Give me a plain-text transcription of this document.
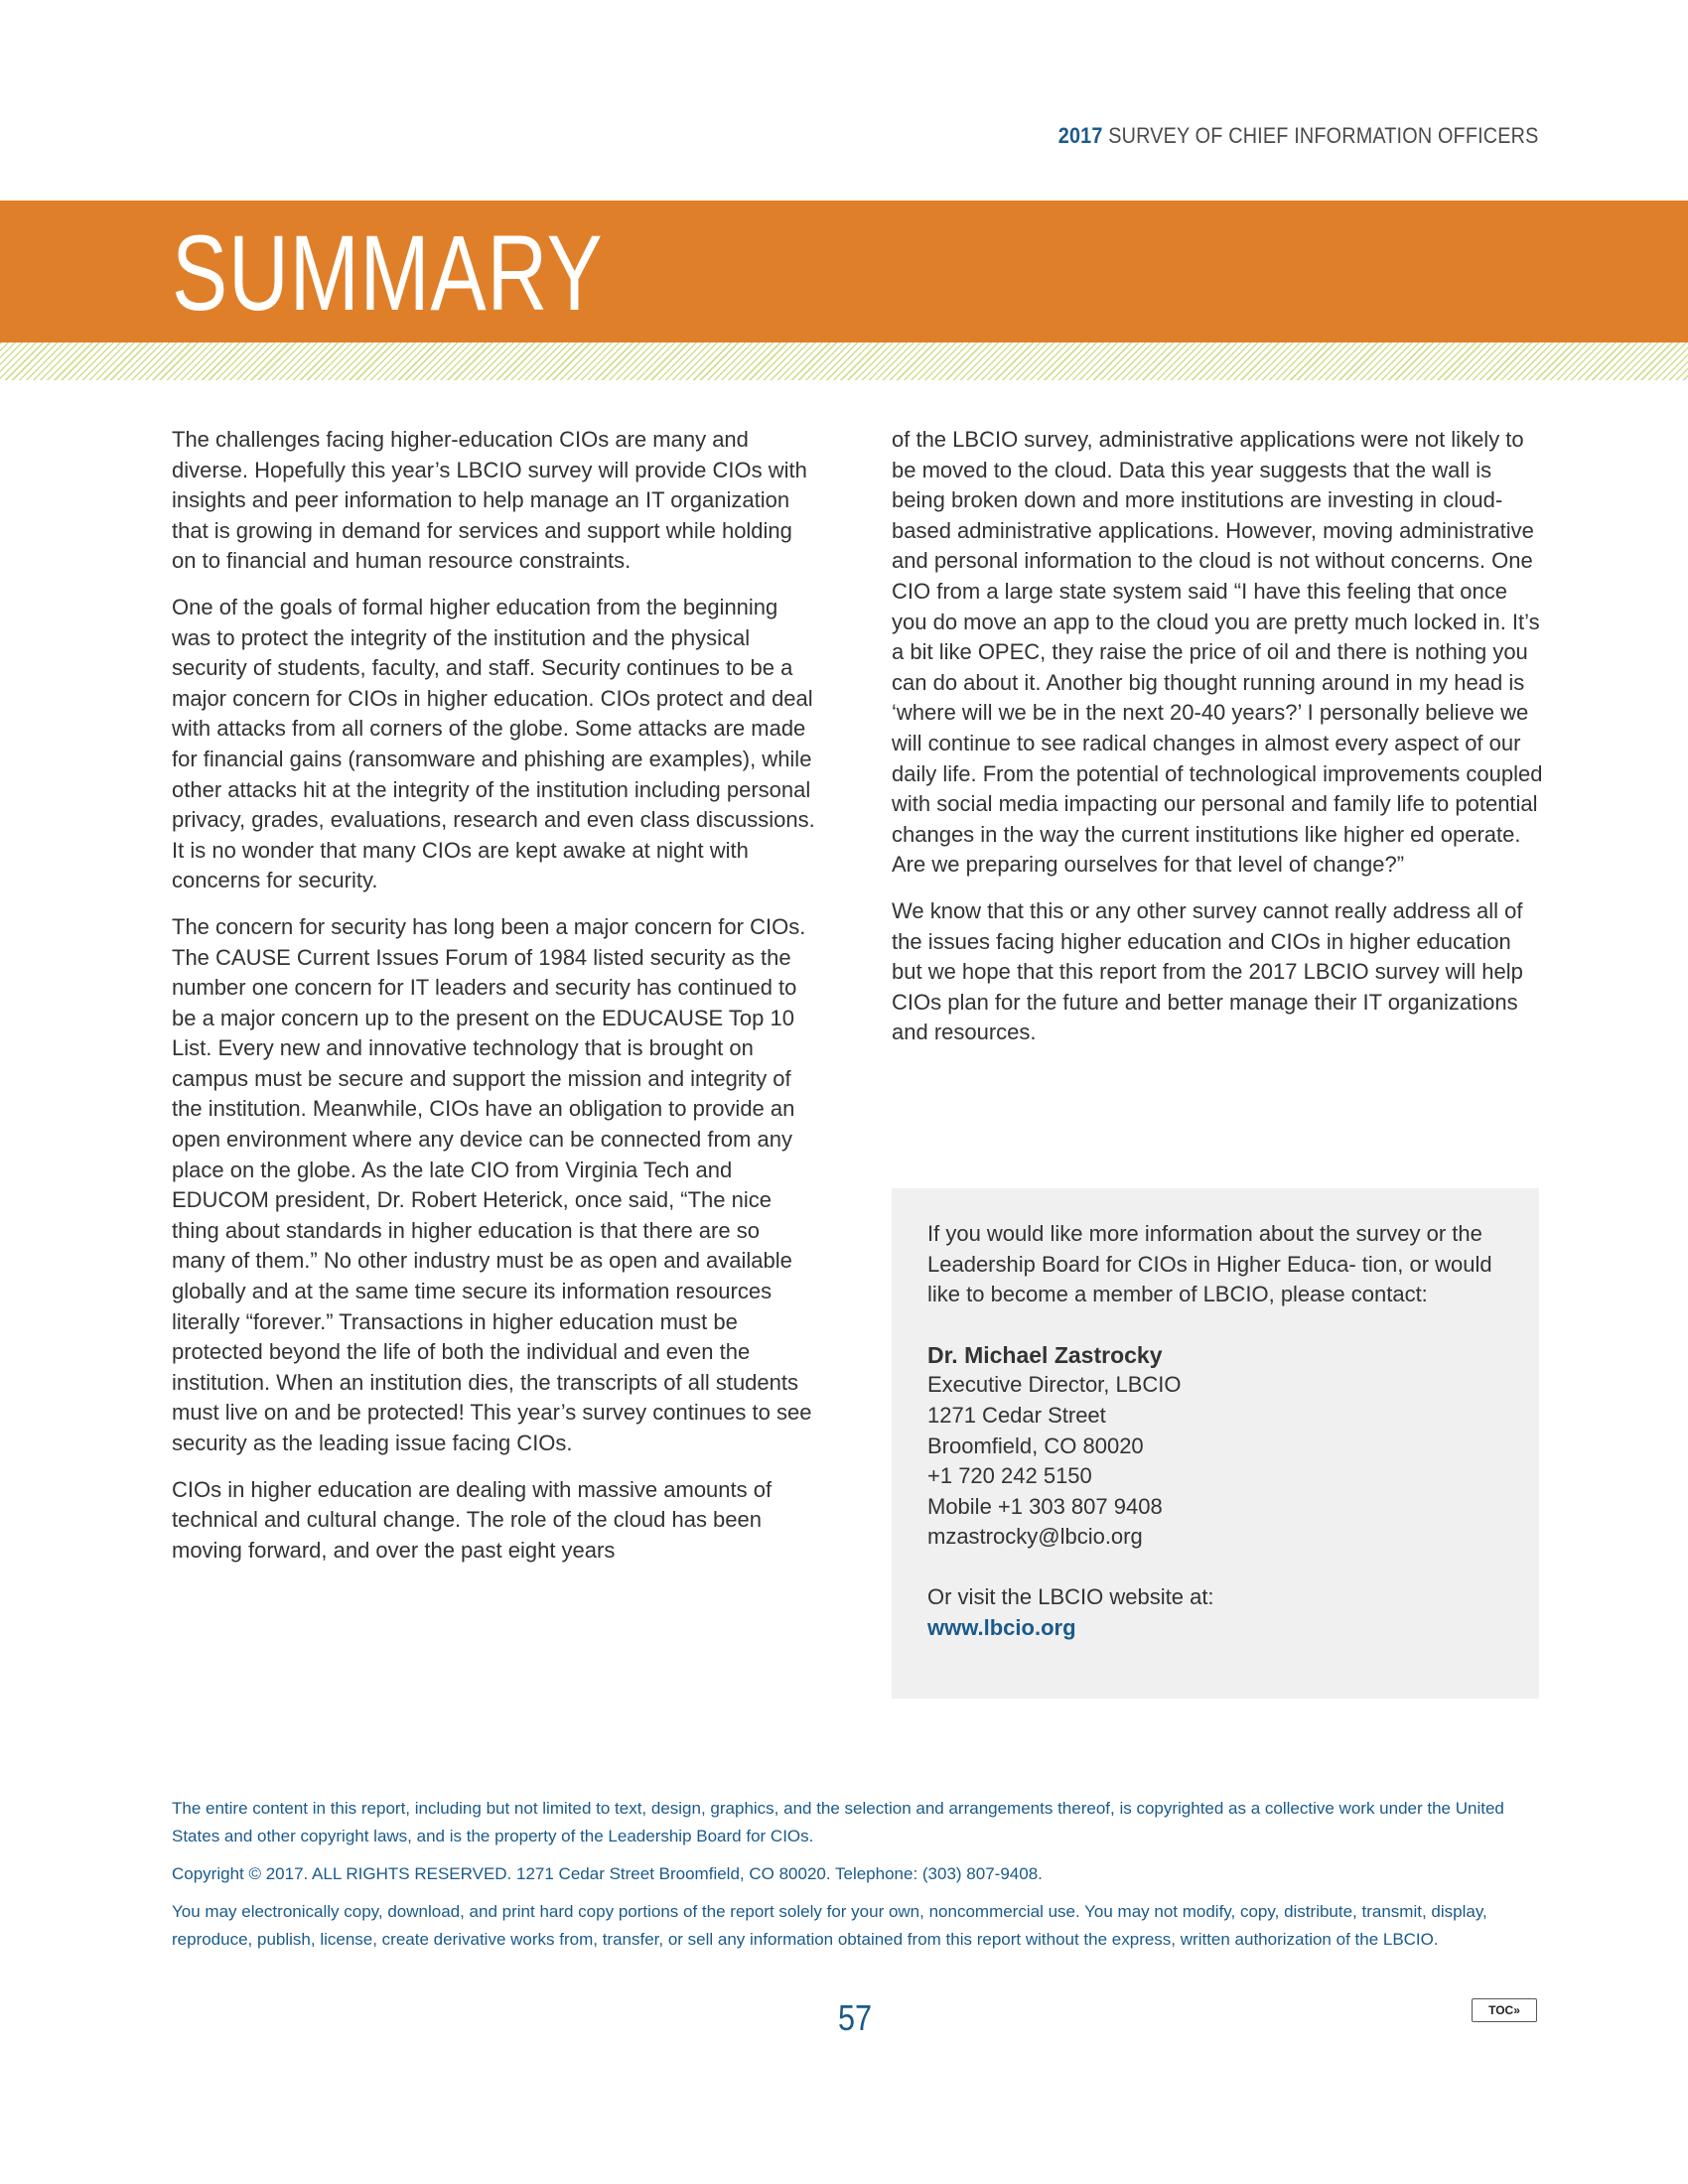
2017 SURVEY OF CHIEF INFORMATION OFFICERS
SUMMARY

The challenges facing higher-education CIOs are many and diverse. Hopefully this year’s LBCIO survey will provide CIOs with insights and peer information to help manage an IT organization that is growing in demand for services and support while holding on to financial and human resource constraints.

One of the goals of formal higher education from the beginning was to protect the integrity of the institution and the physical security of students, faculty, and staff. Security continues to be a major concern for CIOs in higher education. CIOs protect and deal with attacks from all corners of the globe. Some attacks are made for financial gains (ransomware and phishing are examples), while other attacks hit at the integrity of the institution including personal privacy, grades, evaluations, research and even class discussions. It is no wonder that many CIOs are kept awake at night with concerns for security.

The concern for security has long been a major concern for CIOs. The CAUSE Current Issues Forum of 1984 listed security as the number one concern for IT leaders and security has continued to be a major concern up to the present on the EDUCAUSE Top 10 List. Every new and innovative technology that is brought on campus must be secure and support the mission and integrity of the institution. Meanwhile, CIOs have an obligation to provide an open environment where any device can be connected from any place on the globe. As the late CIO from Virginia Tech and EDUCOM president, Dr. Robert Heterick, once said, “The nice thing about standards in higher education is that there are so many of them.” No other industry must be as open and available globally and at the same time secure its information resources literally “forever.” Transactions in higher education must be protected beyond the life of both the individual and even the institution. When an institution dies, the transcripts of all students must live on and be protected! This year’s survey continues to see security as the leading issue facing CIOs.

CIOs in higher education are dealing with massive amounts of technical and cultural change. The role of the cloud has been moving forward, and over the past eight years

of the LBCIO survey, administrative applications were not likely to be moved to the cloud. Data this year suggests that the wall is being broken down and more institutions are investing in cloud-based administrative applications. However, moving administrative and personal information to the cloud is not without concerns. One CIO from a large state system said “I have this feeling that once you do move an app to the cloud you are pretty much locked in. It’s a bit like OPEC, they raise the price of oil and there is nothing you can do about it. Another big thought running around in my head is ‘where will we be in the next 20-40 years?’ I personally believe we will continue to see radical changes in almost every aspect of our daily life. From the potential of technological improvements coupled with social media impacting our personal and family life to potential changes in the way the current institutions like higher ed operate. Are we preparing ourselves for that level of change?”

We know that this or any other survey cannot really address all of the issues facing higher education and CIOs in higher education but we hope that this report from the 2017 LBCIO survey will help CIOs plan for the future and better manage their IT organizations and resources.

If you would like more information about the survey or the Leadership Board for CIOs in Higher Educa- tion, or would like to become a member of LBCIO, please contact:

Dr. Michael Zastrocky

Executive Director, LBCIO

1271 Cedar Street

Broomfield, CO 80020

+1 720 242 5150

Mobile +1 303 807 9408

mzastrocky@lbcio.org

Or visit the LBCIO website at:

www.lbcio.org

The entire content in this report, including but not limited to text, design, graphics, and the selection and arrangements thereof, is copyrighted as a collective work under the United States and other copyright laws, and is the property of the Leadership Board for CIOs.

Copyright © 2017. ALL RIGHTS RESERVED. 1271 Cedar Street Broomfield, CO 80020. Telephone: (303) 807-9408.

You may electronically copy, download, and print hard copy portions of the report solely for your own, noncommercial use. You may not modify, copy, distribute, transmit, display, reproduce, publish, license, create derivative works from, transfer, or sell any information obtained from this report without the express, written authorization of the LBCIO.

57	TOC»
